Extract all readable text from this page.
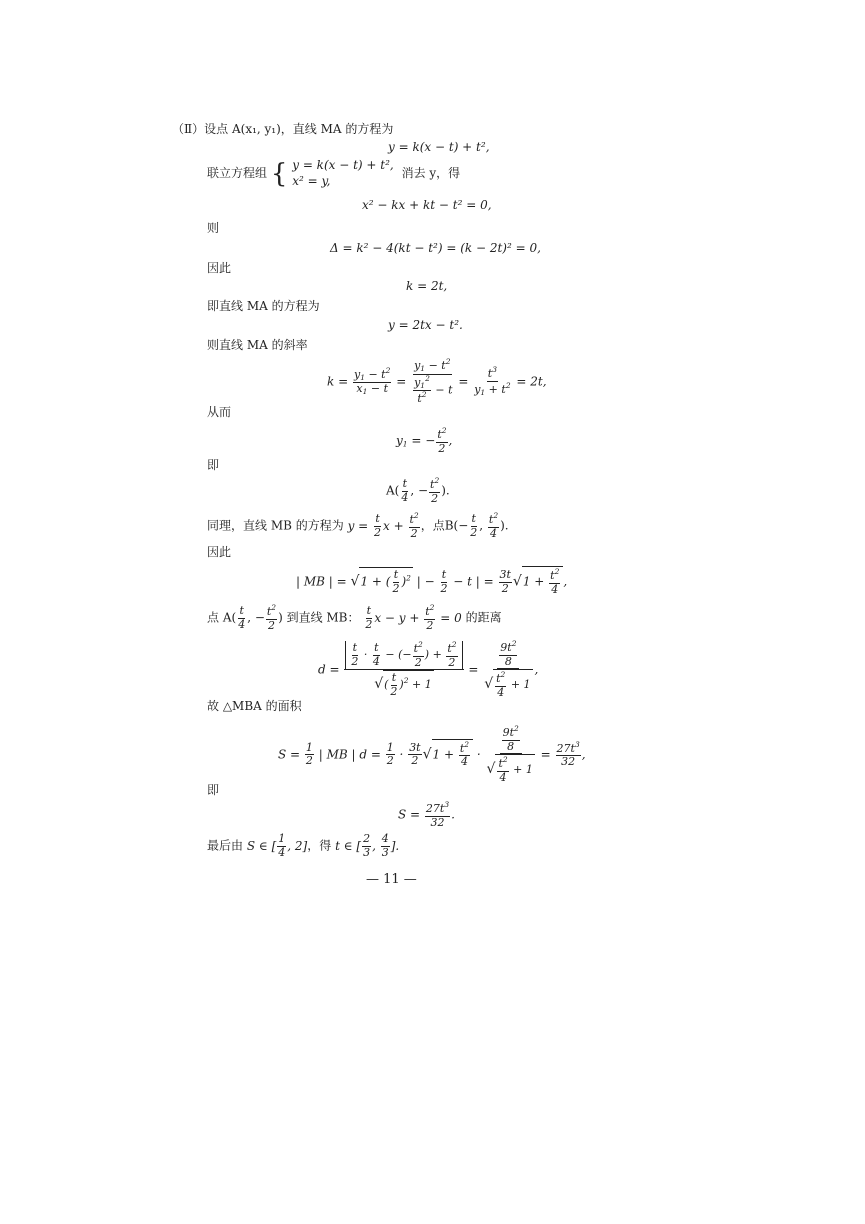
（Ⅱ）设点 A(x₁, y₁)，直线 MA 的方程为
y = k(x − t) + t²,
联立方程组 { y = k(x − t) + t²,
x² = y, 消去 y，得
x² − kx + kt − t² = 0,
则
Δ = k² − 4(kt − t²) = (k − 2t)² = 0,
因此
k = 2t,
即直线 MA 的方程为
y = 2tx − t².
则直线 MA 的斜率
$k = \frac{y_1 - t^2}{x_1 - t} = \frac{y_1 - t^2}{\frac{y_1^2}{t^2} - t} = \frac{t^3}{y_1 + t^2} = 2t$,
从而
$y_1$ = − $\frac{t^2}{2}$ ,
即
$A( \frac{t}{4}$ , − $\frac{t^2}{2}$ ).
同理，直线 MB 的方程为 $y = \frac{t}{2}$ $x + \frac{t^2}{2}$ ，点$B(- \frac{t}{2}$ , $\frac{t^2}{4}$ ).
因此
| MB | = √1 + ( $\frac{t}{2} )^2$ | − $\frac{t}{2} - t$ | = $\frac{3t}{2} √1 + \frac{t^2}{4}$ ,
点 $A( \frac{t}{4}$ , − $\frac{t^2}{2}$ ) 到直线 MB： $\frac{t}{2}$ $x - y + \frac{t^2}{2} = 0$ 的距离
$d = \frac{\frac{t}{2} \cdot \frac{t}{4} - (- \frac{t^2}{2} ) + \frac{t^2}{2}}{√( \frac{t}{2} )^2 + 1} = \frac{\frac{9t^2}{8}}{√ \frac{t^2}{4} + 1}$ ,
故 △MBA 的面积
$S = \frac{1}{2}$ | MB | $d = \frac{1}{2} \cdot \frac{3t}{2} √1 + \frac{t^2}{4} \cdot \frac{\frac{9t^2}{8}}{√ \frac{t^2}{4} + 1} = \frac{27t^3}{32}$ ,
即
$S = \frac{27t^3}{32}$ .
最后由 S ∈ [ $\frac{1}{4}$ , 2]，得 t ∈ [ $\frac{2}{3}$ , $\frac{4}{3}$ ].
— 11 —
